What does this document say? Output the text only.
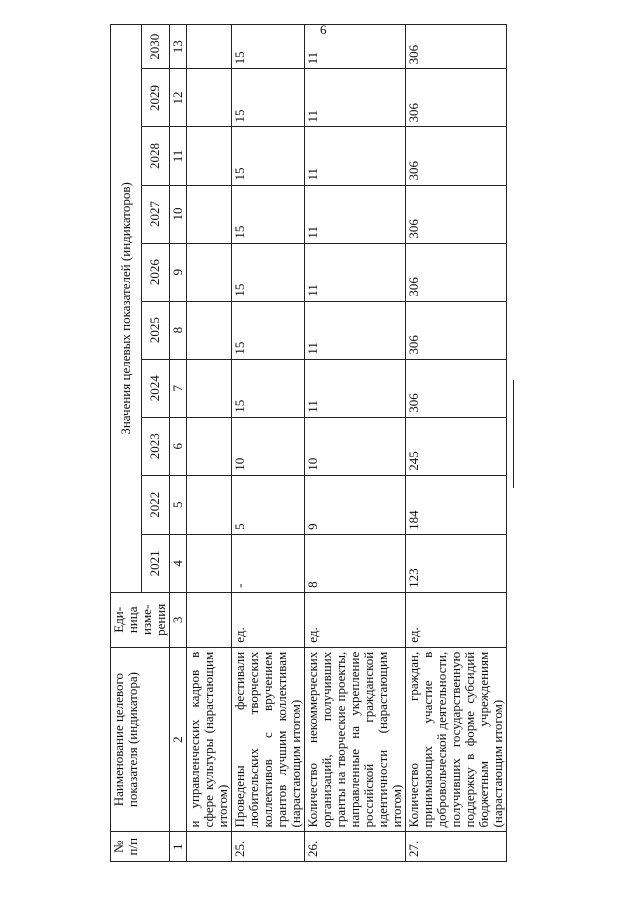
6
№ п/п	Наименование целевого показателя (индикатора)	Еди-ница изме-рения	Значения целевых показателей (индикаторов)									
			2021	2022	2023	2024	2025	2026	2027	2028	2029	2030
1	2	3	4	5	6	7	8	9	10	11	12	13
	и управленческих кадров в сфере культуры (нарастающим итогом)											
25.	Проведены фестивали любительских творческих коллективов с вручением грантов лучшим коллективам (нарастающим итогом)	ед.	-	5	10	15	15	15	15	15	15	15
26.	Количество некоммерческих организаций, получивших гранты на творческие проекты, направленные на укрепление российской гражданской идентичности (нарастающим итогом)	ед.	8	9	10	11	11	11	11	11	11	11
27.	Количество граждан, принимающих участие в добровольческой деятельности, получивших государственную поддержку в форме субсидий бюджетным учреждениям (нарастающим итогом)	ед.	123	184	245	306	306	306	306	306	306	306
